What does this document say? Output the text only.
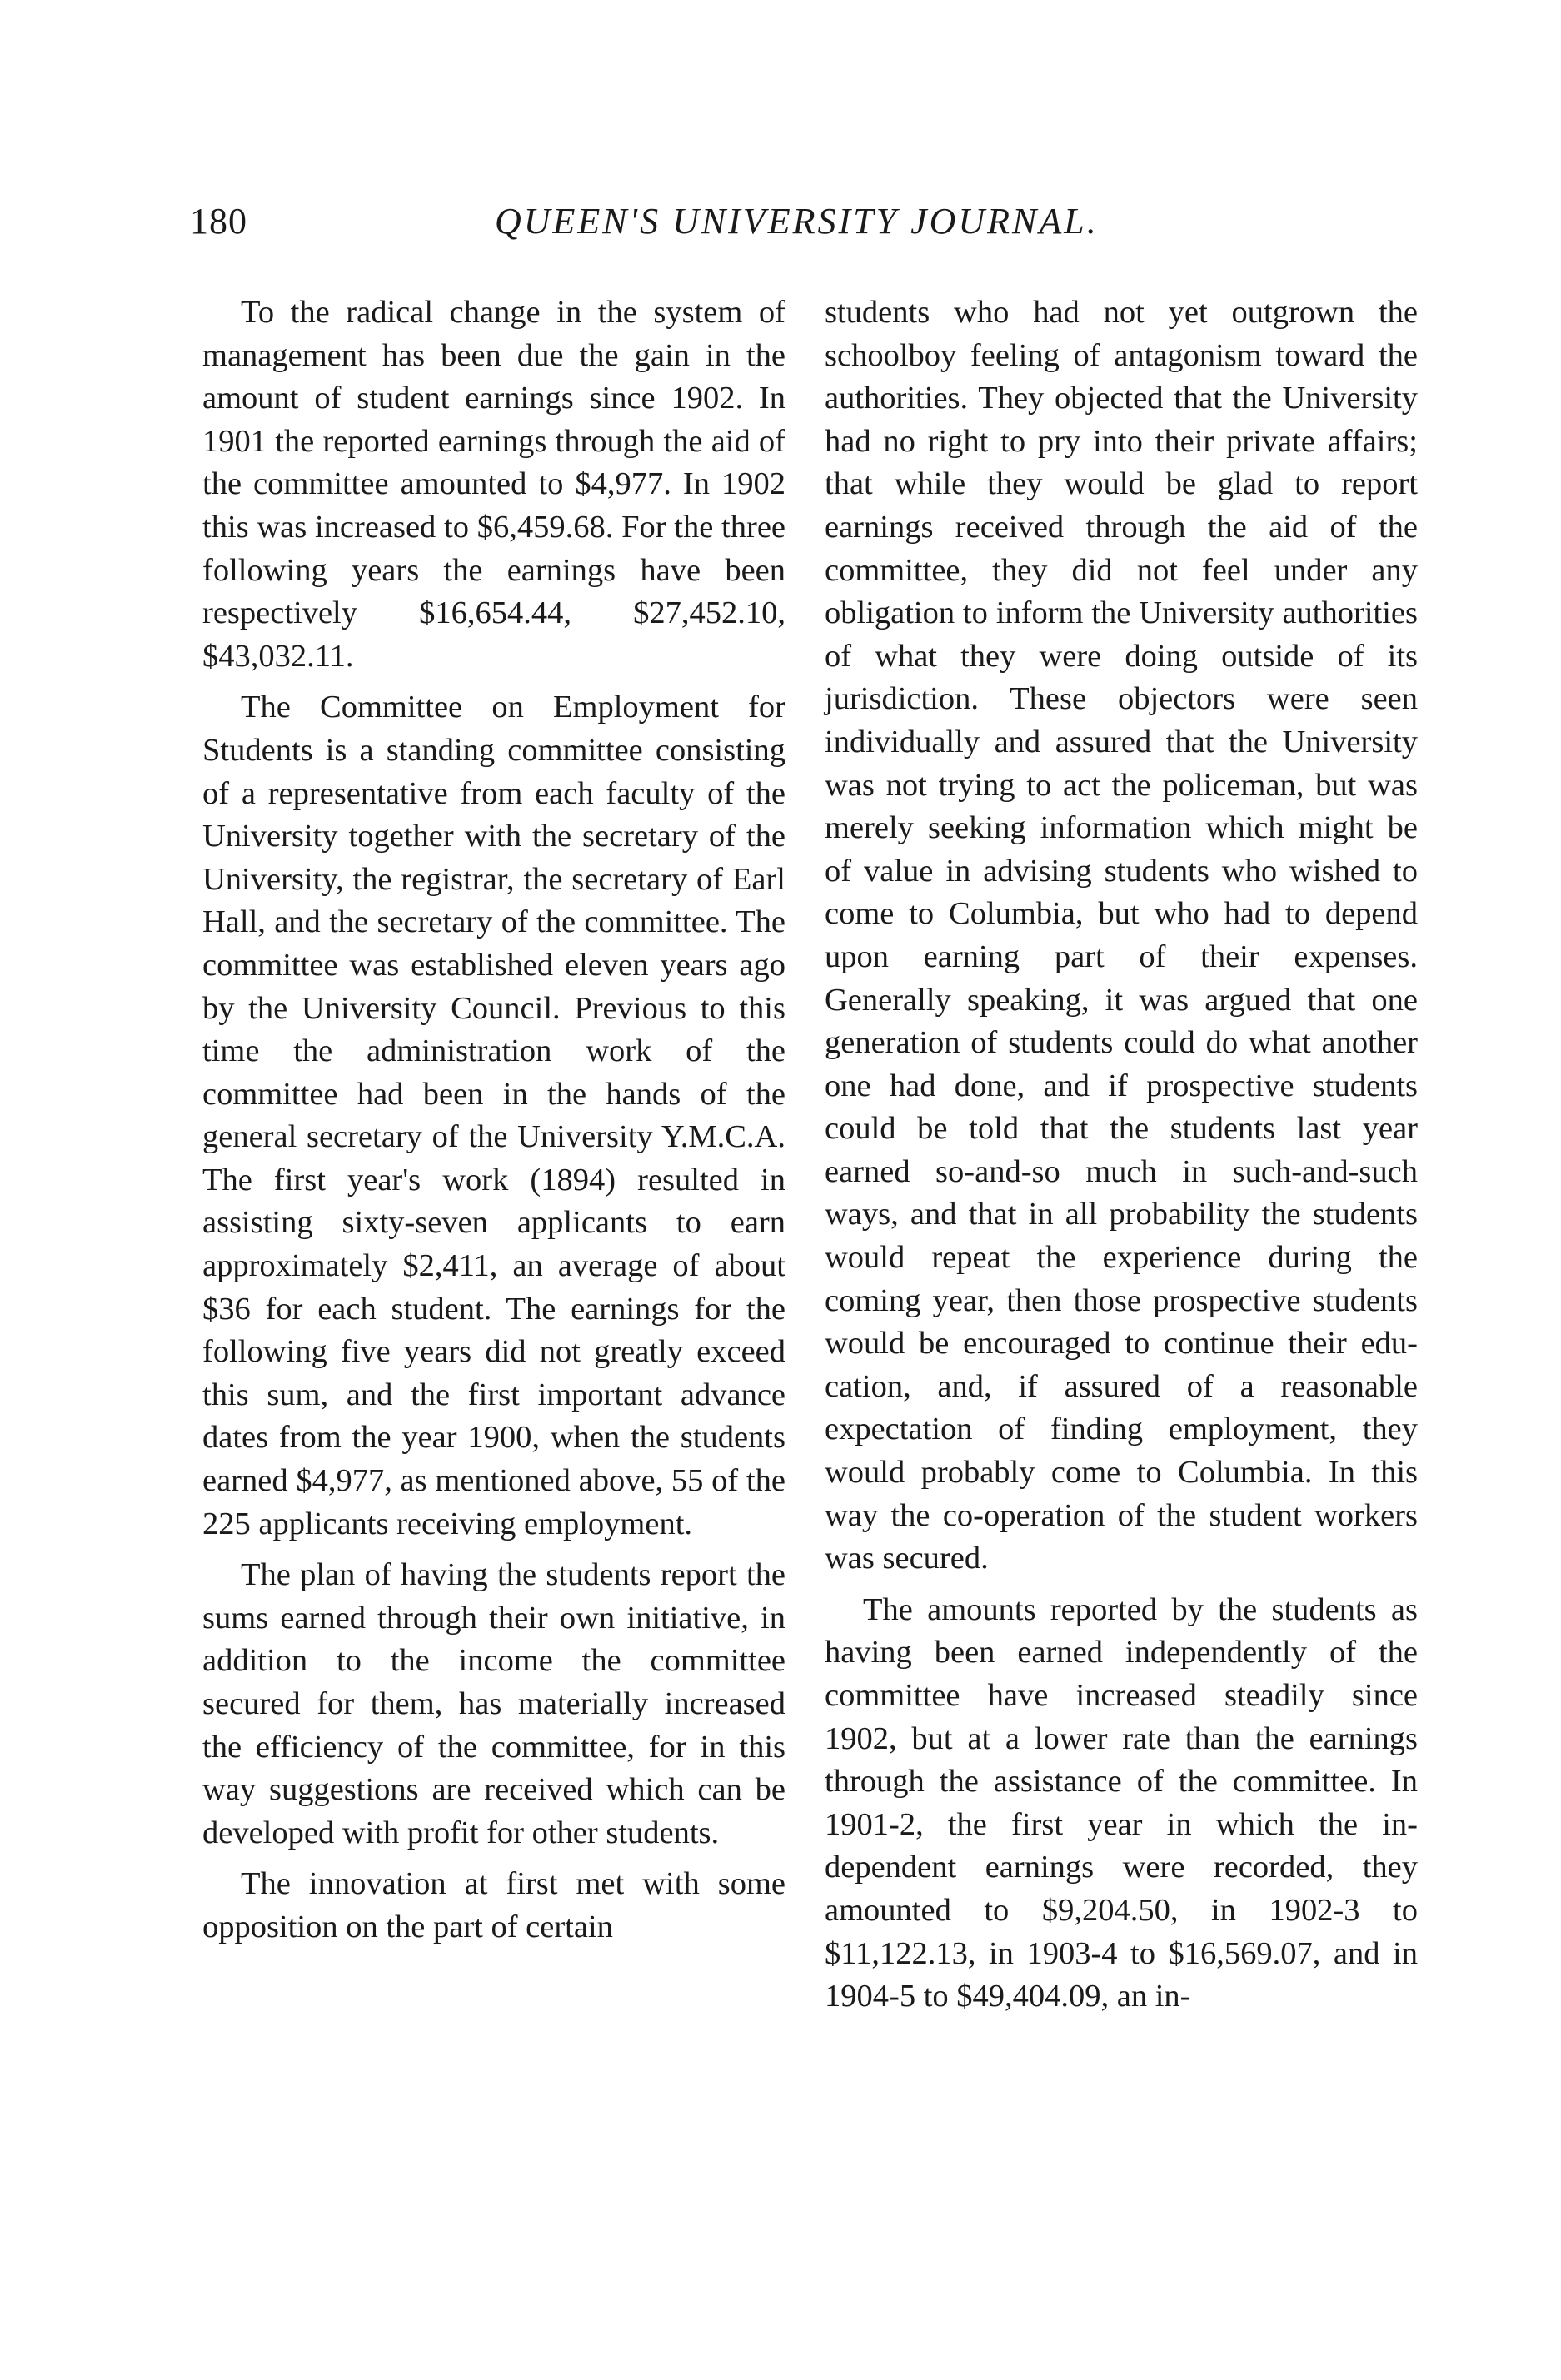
180	QUEEN'S UNIVERSITY JOURNAL.

To the radical change in the system of management has been due the gain in the amount of student earnings since 1902. In 1901 the reported earnings through the aid of the committee amounted to $4,977. In 1902 this was increased to $6,459.68. For the three following years the earnings have been respectively $16,654.44, $27,452.10, $43,032.11.

The Committee on Employment for Students is a standing committee consisting of a representative from each faculty of the University together with the secretary of the University, the registrar, the secretary of Earl Hall, and the secretary of the committee. The committee was established eleven years ago by the University Council. Previous to this time the administration work of the committee had been in the hands of the general secretary of the University Y.M.C.A. The first year's work (1894) resulted in assisting sixty-seven applicants to earn approximately $2,411, an average of about $36 for each student. The earnings for the following five years did not greatly exceed this sum, and the first important advance dates from the year 1900, when the students earned $4,977, as mentioned above, 55 of the 225 applicants receiving employment.

The plan of having the students report the sums earned through their own initiative, in addition to the income the committee secured for them, has materially increased the efficiency of the committee, for in this way suggestions are received which can be developed with profit for other students.

The innovation at first met with some opposition on the part of certain

students who had not yet outgrown the schoolboy feeling of antagonism toward the authorities. They objected that the University had no right to pry into their private affairs; that while they would be glad to report earnings received through the aid of the committee, they did not feel under any obligation to inform the University authorities of what they were doing outside of its jurisdiction. These objectors were seen individually and assured that the University was not trying to act the policeman, but was merely seeking information which might be of value in advising students who wished to come to Columbia, but who had to depend upon earning part of their expenses. Generally speaking, it was argued that one generation of students could do what another one had done, and if prospective students could be told that the students last year earned so-and-so much in such-and-such ways, and that in all probability the students would repeat the experience during the coming year, then those prospective students would be encouraged to continue their education, and, if assured of a reasonable expectation of finding employment, they would probably come to Columbia. In this way the co-operation of the student workers was secured.

The amounts reported by the students as having been earned independently of the committee have increased steadily since 1902, but at a lower rate than the earnings through the assistance of the committee. In 1901-2, the first year in which the independent earnings were recorded, they amounted to $9,204.50, in 1902-3 to $11,122.13, in 1903-4 to $16,569.07, and in 1904-5 to $49,404.09, an in-
